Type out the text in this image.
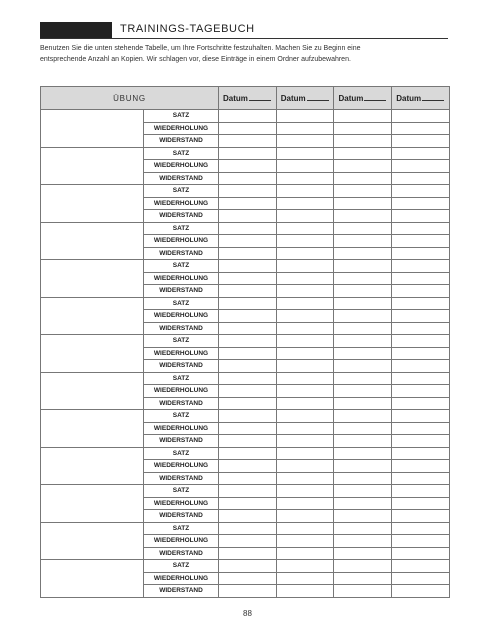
TRAININGS-TAGEBUCH

Benutzen Sie die unten stehende Tabelle, um Ihre Fortschritte festzuhalten. Machen Sie zu Beginn eine
entsprechende Anzahl an Kopien. Wir schlagen vor, diese Einträge in einem Ordner aufzubewahren.

ÜBUNG		Datum	Datum	Datum	Datum
	SATZ				
	WIEDERHOLUNG				
	WIDERSTAND				
	SATZ				
	WIEDERHOLUNG				
	WIDERSTAND				
	SATZ				
	WIEDERHOLUNG				
	WIDERSTAND				
	SATZ				
	WIEDERHOLUNG				
	WIDERSTAND				
	SATZ				
	WIEDERHOLUNG				
	WIDERSTAND				
	SATZ				
	WIEDERHOLUNG				
	WIDERSTAND				
	SATZ				
	WIEDERHOLUNG				
	WIDERSTAND				
	SATZ				
	WIEDERHOLUNG				
	WIDERSTAND				
	SATZ				
	WIEDERHOLUNG				
	WIDERSTAND				
	SATZ				
	WIEDERHOLUNG				
	WIDERSTAND				
	SATZ				
	WIEDERHOLUNG				
	WIDERSTAND				
	SATZ				
	WIEDERHOLUNG				
	WIDERSTAND				
	SATZ				
	WIEDERHOLUNG				
	WIDERSTAND				
88
